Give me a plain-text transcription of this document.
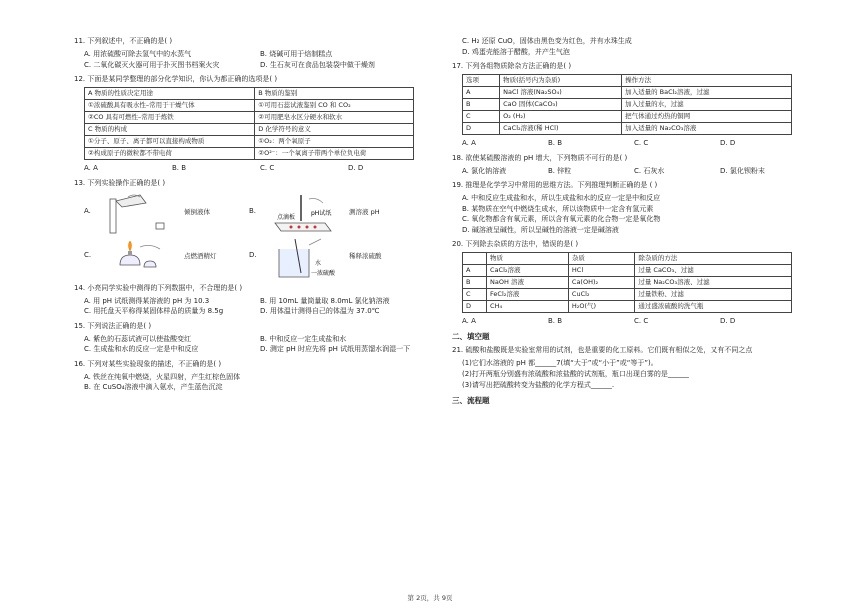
11. 下列叙述中，不正确的是( )
A. 用浓硫酸可除去氢气中的水蒸气	B. 烧碱可用于焙制糕点
C. 二氧化碳灭火器可用于扑灭图书档案火灾	D. 生石灰可在食品包装袋中做干燥剂
12. 下面是某同学整理的部分化学知识，你认为都正确的选项是( )
A 物质的性质决定用途	B 物质的鉴别
①浓硫酸具有吸水性–常用于干燥气体	①可用石蕊试液鉴别 CO 和 CO₂
②CO 具有可燃性–常用于炼铁	②可用肥皂水区分硬水和软水
C 物质的构成	D 化学符号的意义
①分子、原子、离子都可以直接构成物质	①O₂：两个氧原子
②构成原子的微粒都不带电荷	②O²⁻：一个氧离子带两个单位负电荷
A. A	B. B	C. C	D. D
13. 下列实验操作正确的是( )
A.	倾倒液体	B.
点滴板
pH试纸	测溶液 pH
C.	点燃酒精灯	D.
水
一浓硫酸
稀释浓硫酸
14. 小亮同学实验中测得的下列数据中，不合理的是( )
A. 用 pH 试纸测得某溶液的 pH 为 10.3	B. 用 10mL 量筒量取 8.0mL 氯化钠溶液
C. 用托盘天平称得某固体样品的质量为 8.5g	D. 用体温计测得自己的体温为 37.0℃
15. 下列说法正确的是( )
A. 紫色的石蕊试液可以使盐酸变红	B. 中和反应一定生成盐和水
C. 生成盐和水的反应一定是中和反应	D. 测定 pH 时应先将 pH 试纸用蒸馏水润湿一下
16. 下列对某些实验现象的描述，不正确的是( )
A. 铁丝在纯氧中燃烧，火星四射，产生红棕色固体
B. 在 CuSO₄溶液中滴入氨水，产生蓝色沉淀
C. H₂ 还原 CuO，固体由黑色变为红色，并有水珠生成
D. 鸡蛋壳能溶于醋酸，并产生气泡
17. 下列各组物质除杂方法正确的是( )
选项	物质(括号内为杂质)	操作方法
A	NaCl 溶液(Na₂SO₄)	加入适量的 BaCl₂溶液，过滤
B	CaO 固体(CaCO₃)	加入过量的水，过滤
C	O₂ (H₂)	把气体通过灼热的铜网
D	CaCl₂溶液(稀 HCl)	加入适量的 Na₂CO₃溶液
A. A	B. B	C. C	D. D
18. 欲使某硫酸溶液的 pH 增大，下列物质不可行的是( )
A. 氯化钠溶液	B. 锌粒	C. 石灰水	D. 氯化钡粉末
19. 推理是化学学习中常用的思维方法。下列推理判断正确的是 ( )
A. 中和反应生成盐和水，所以生成盐和水的反应一定是中和反应
B. 某物质在空气中燃烧生成水，所以该物质中一定含有氢元素
C. 氧化物都含有氧元素，所以含有氧元素的化合物一定是氧化物
D. 碱溶液呈碱性，所以呈碱性的溶液一定是碱溶液
20. 下列除去杂质的方法中，错误的是( )
	物质	杂质	除杂质的方法
A	CaCl₂溶液	HCl	过量 CaCO₃、过滤
B	NaOH 溶液	Ca(OH)₂	过量 Na₂CO₃溶液、过滤
C	FeCl₂溶液	CuCl₂	过量铁粉、过滤
D	CH₄	H₂O(气)	通过盛浓硫酸的洗气瓶
A. A	B. B	C. C	D. D
二、填空题
21. 硫酸和盐酸既是实验室常用的试剂，也是重要的化工原料。它们既有相似之处，又有不同之点
(1)它们水溶液的 pH 都______7(填“大于”或“小于”或“等于”)。
(2)打开两瓶分别盛有浓硫酸和浓盐酸的试剂瓶，瓶口出现白雾的是______
(3)请写出把硫酸转变为盐酸的化学方程式______.
三、流程题
第 2页，共 9页
